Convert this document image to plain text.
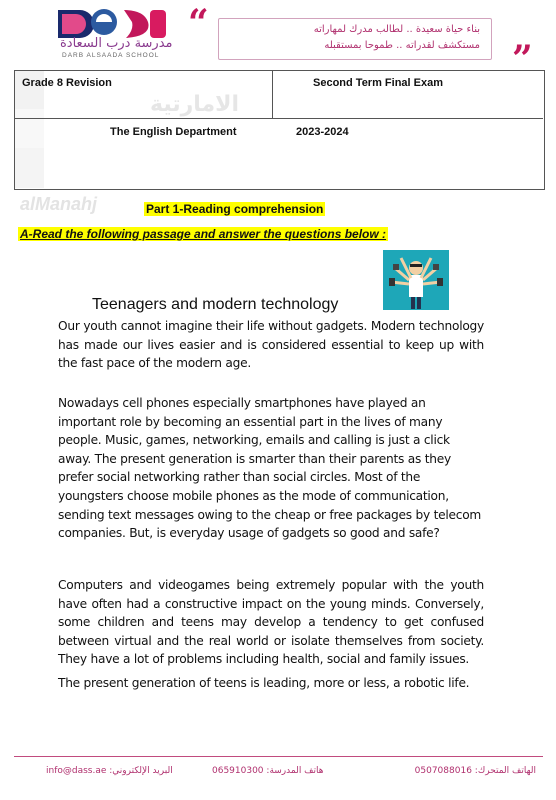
مدرسة درب السعادة
DARB ALSAADA SCHOOL
“	بناء حياة سعيدة .. لطالب مدرك لمهاراته
مستكشف لقدراته .. طموحا بمستقبله ”
الامارتية
Grade 8 Revision	Second Term Final Exam
The English Department	2023-2024
alManahj	Part 1-Reading comprehension
A-Read the following passage and answer the questions below :
Teenagers and modern technology
Our youth cannot imagine their life without gadgets. Modern technology has made our lives easier and is considered essential to keep up with the fast pace of the modern age.
Nowadays cell phones especially smartphones have played an important role by becoming an essential part in the lives of many people. Music, games, networking, emails and calling is just a click away. The present generation is smarter than their parents as they prefer social networking rather than social circles. Most of the youngsters choose mobile phones as the mode of communication, sending text messages owing to the cheap or free packages by telecom companies. But, is everyday usage of gadgets so good and safe?
Computers and videogames being extremely popular with the youth have often had a constructive impact on the young minds. Conversely, some children and teens may develop a tendency to get confused between virtual and the real world or isolate themselves from society. They have a lot of problems including health, social and family issues.
The present generation of teens is leading, more or less, a robotic life.
الهاتف المتحرك: 0507088016
هاتف المدرسة: 065910300
البريد الإلكتروني: info@dass.ae
